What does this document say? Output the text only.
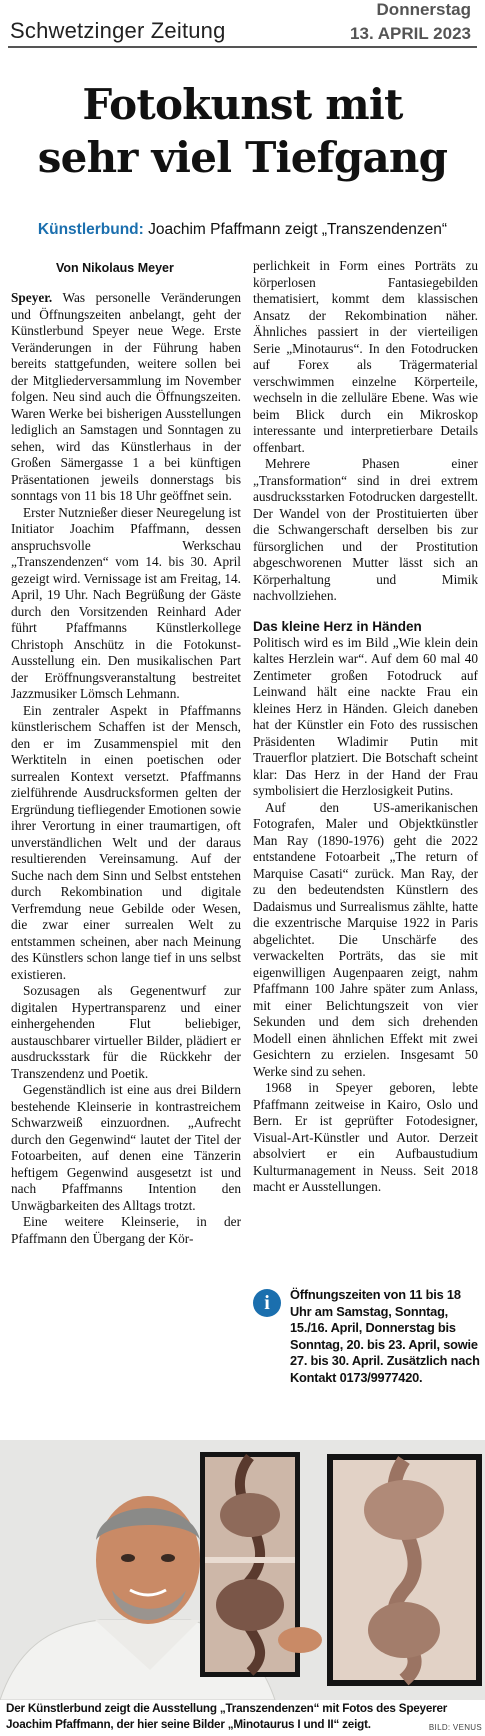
Schwetzinger Zeitung
Donnerstag
13. APRIL 2023
Fotokunst mit
sehr viel Tiefgang
Künstlerbund: Joachim Pfaffmann zeigt „Transzendenzen“
Von Nikolaus Meyer

Speyer. Was personelle Veränderungen und Öffnungszeiten anbelangt, geht der Künstlerbund Speyer neue Wege. Erste Veränderungen in der Führung haben bereits stattgefunden, weitere sollen bei der Mitgliederversammlung im November folgen. Neu sind auch die Öffnungszeiten. Waren Werke bei bisherigen Ausstellungen lediglich an Samstagen und Sonntagen zu sehen, wird das Künstlerhaus in der Großen Sämergasse 1 a bei künftigen Präsentationen jeweils donnerstags bis sonntags von 11 bis 18 Uhr geöffnet sein.

Erster Nutznießer dieser Neuregelung ist Initiator Joachim Pfaffmann, dessen anspruchsvolle Werkschau „Transzendenzen“ vom 14. bis 30. April gezeigt wird. Vernissage ist am Freitag, 14. April, 19 Uhr. Nach Begrüßung der Gäste durch den Vorsitzenden Reinhard Ader führt Pfaffmanns Künstlerkollege Christoph Anschütz in die Fotokunst-Ausstellung ein. Den musikalischen Part der Eröffnungsveranstaltung bestreitet Jazzmusiker Lömsch Lehmann.

Ein zentraler Aspekt in Pfaffmanns künstlerischem Schaffen ist der Mensch, den er im Zusammenspiel mit den Werktiteln in einen poetischen oder surrealen Kontext versetzt. Pfaffmanns zielführende Ausdrucksformen gelten der Ergründung tiefliegender Emotionen sowie ihrer Verortung in einer traumartigen, oft unverständlichen Welt und der daraus resultierenden Vereinsamung. Auf der Suche nach dem Sinn und Selbst entstehen durch Rekombination und digitale Verfremdung neue Gebilde oder Wesen, die zwar einer surrealen Welt zu entstammen scheinen, aber nach Meinung des Künstlers schon lange tief in uns selbst existieren.

Sozusagen als Gegenentwurf zur digitalen Hypertransparenz und einer einhergehenden Flut beliebiger, austauschbarer virtueller Bilder, plädiert er ausdrucksstark für die Rückkehr der Transzendenz und Poetik.

Gegenständlich ist eine aus drei Bildern bestehende Kleinserie in kontrastreichem Schwarzweiß einzuordnen. „Aufrecht durch den Gegenwind“ lautet der Titel der Fotoarbeiten, auf denen eine Tänzerin heftigem Gegenwind ausgesetzt ist und nach Pfaffmanns Intention den Unwägbarkeiten des Alltags trotzt.

Eine weitere Kleinserie, in der Pfaffmann den Übergang der Kör-

perlichkeit in Form eines Porträts zu körperlosen Fantasiegebilden thematisiert, kommt dem klassischen Ansatz der Rekombination näher. Ähnliches passiert in der vierteiligen Serie „Minotaurus“. In den Fotodrucken auf Forex als Trägermaterial verschwimmen einzelne Körperteile, wechseln in die zelluläre Ebene. Was wie beim Blick durch ein Mikroskop interessante und interpretierbare Details offenbart.

Mehrere Phasen einer „Transformation“ sind in drei extrem ausdrucksstarken Fotodrucken dargestellt. Der Wandel von der Prostituierten über die Schwangerschaft derselben bis zur fürsorglichen und der Prostitution abgeschworenen Mutter lässt sich an Körperhaltung und Mimik nachvollziehen.

Das kleine Herz in Händen

Politisch wird es im Bild „Wie klein dein kaltes Herzlein war“. Auf dem 60 mal 40 Zentimeter großen Fotodruck auf Leinwand hält eine nackte Frau ein kleines Herz in Händen. Gleich daneben hat der Künstler ein Foto des russischen Präsidenten Wladimir Putin mit Trauerflor platziert. Die Botschaft scheint klar: Das Herz in der Hand der Frau symbolisiert die Herzlosigkeit Putins.

Auf den US-amerikanischen Fotografen, Maler und Objektkünstler Man Ray (1890-1976) geht die 2022 entstandene Fotoarbeit „The return of Marquise Casati“ zurück. Man Ray, der zu den bedeutendsten Künstlern des Dadaismus und Surrealismus zählte, hatte die exzentrische Marquise 1922 in Paris abgelichtet. Die Unschärfe des verwackelten Porträts, das sie mit eigenwilligen Augenpaaren zeigt, nahm Pfaffmann 100 Jahre später zum Anlass, mit einer Belichtungszeit von vier Sekunden und dem sich drehenden Modell einen ähnlichen Effekt mit zwei Gesichtern zu erzielen. Insgesamt 50 Werke sind zu sehen.

1968 in Speyer geboren, lebte Pfaffmann zeitweise in Kairo, Oslo und Bern. Er ist geprüfter Fotodesigner, Visual-Art-Künstler und Autor. Derzeit absolviert er ein Aufbaustudium Kulturmanagement in Neuss. Seit 2018 macht er Ausstellungen.

i	Öffnungszeiten von 11 bis 18 Uhr am Samstag, Sonntag, 15./16. April, Donnerstag bis Sonntag, 20. bis 23. April, sowie 27. bis 30. April. Zusätzlich nach Kontakt 0173/9977420.
Der Künstlerbund zeigt die Ausstellung „Transzendenzen“ mit Fotos des Speyerer Joachim Pfaffmann, der hier seine Bilder „Minotaurus I und II“ zeigt.	BILD: VENUS
